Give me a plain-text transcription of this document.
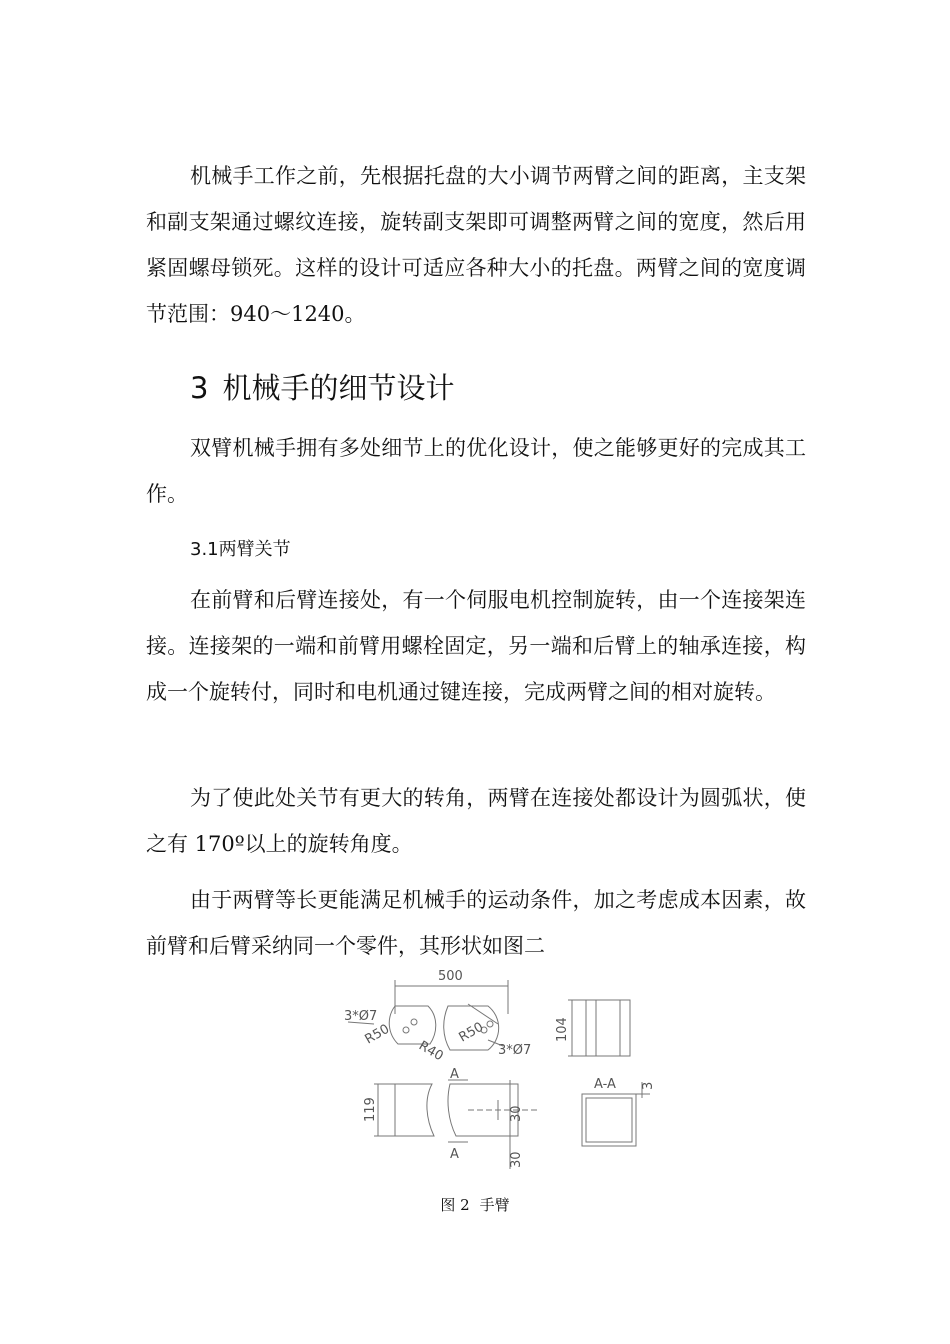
机械手工作之前，先根据托盘的大小调节两臂之间的距离，主支架和副支架通过螺纹连接，旋转副支架即可调整两臂之间的宽度，然后用紧固螺母锁死。这样的设计可适应各种大小的托盘。两臂之间的宽度调节范围：940～1240。

3 机械手的细节设计

双臂机械手拥有多处细节上的优化设计，使之能够更好的完成其工作。

3.1两臂关节

在前臂和后臂连接处，有一个伺服电机控制旋转，由一个连接架连接。连接架的一端和前臂用螺栓固定，另一端和后臂上的轴承连接，构成一个旋转付，同时和电机通过键连接，完成两臂之间的相对旋转。

为了使此处关节有更大的转角，两臂在连接处都设计为圆弧状，使之有 170º以上的旋转角度。

由于两臂等长更能满足机械手的运动条件，加之考虑成本因素，故前臂和后臂采纳同一个零件，其形状如图二

500
3*Ø7
3*Ø7
R50
R40
R50	104
A
A
119	30
30
A-A 3
图 2 手臂
